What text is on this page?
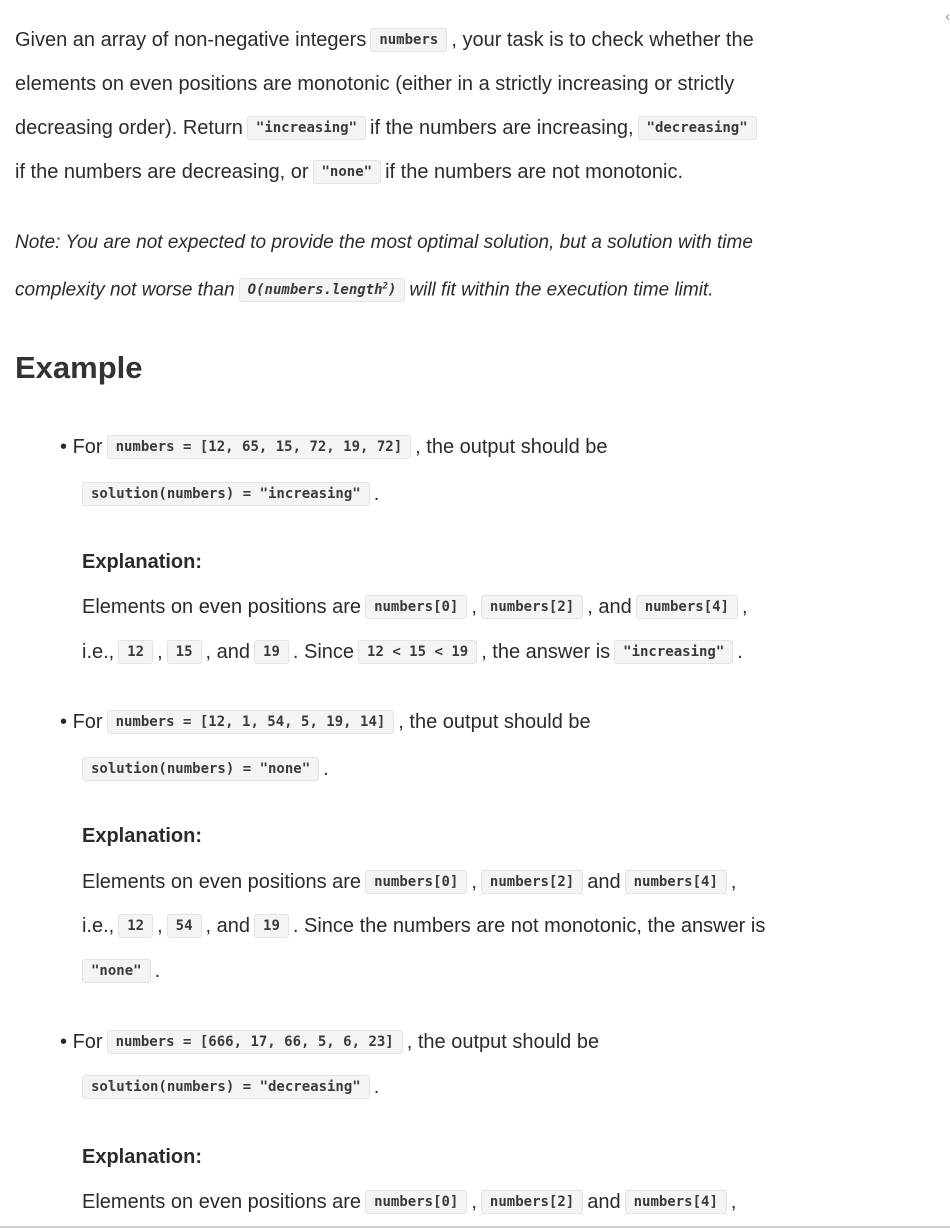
‹
Given an array of non-negative integers numbers , your task is to check whether the
elements on even positions are monotonic (either in a strictly increasing or strictly
decreasing order). Return "increasing" if the numbers are increasing, "decreasing"
if the numbers are decreasing, or "none" if the numbers are not monotonic.
Note: You are not expected to provide the most optimal solution, but a solution with time
complexity not worse than O(numbers.length$^2$) will fit within the execution time limit.
Example
• For numbers = [12, 65, 15, 72, 19, 72] , the output should be
solution(numbers) = "increasing" .
Explanation:
Elements on even positions are numbers[0] , numbers[2] , and numbers[4] ,
i.e., 12 , 15 , and 19 . Since 12 < 15 < 19 , the answer is "increasing" .
• For numbers = [12, 1, 54, 5, 19, 14] , the output should be
solution(numbers) = "none" .
Explanation:
Elements on even positions are numbers[0] , numbers[2] and numbers[4] ,
i.e., 12 , 54 , and 19 . Since the numbers are not monotonic, the answer is
"none" .
• For numbers = [666, 17, 66, 5, 6, 23] , the output should be
solution(numbers) = "decreasing" .
Explanation:
Elements on even positions are numbers[0] , numbers[2] and numbers[4] ,
